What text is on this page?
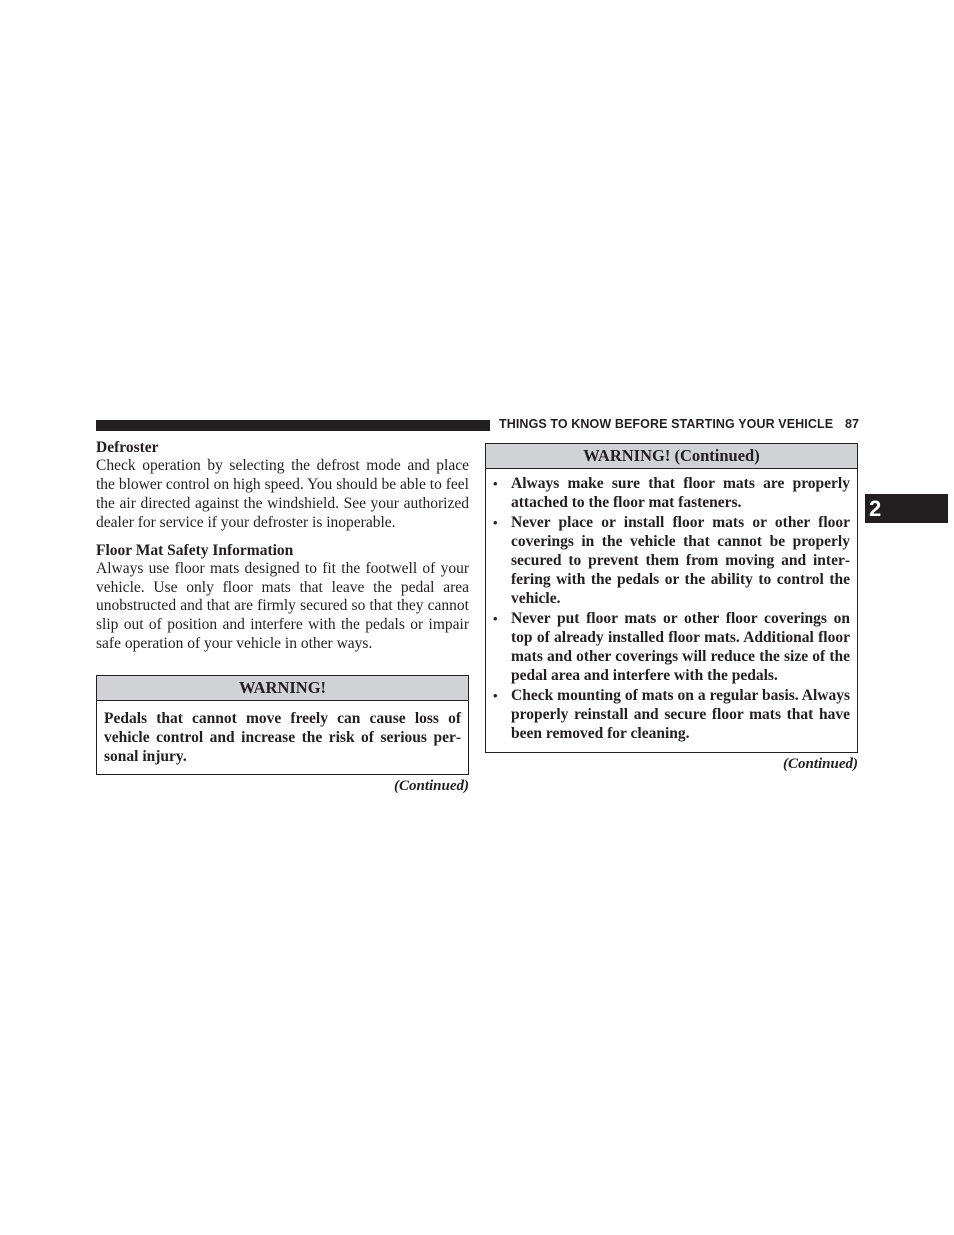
THINGS TO KNOW BEFORE STARTING YOUR VEHICLE 87
2

Defroster

Check operation by selecting the defrost mode and place the blower control on high speed. You should be able to feel the air directed against the windshield. See your authorized dealer for service if your defroster is inoperable.

Floor Mat Safety Information

Always use floor mats designed to fit the footwell of your vehicle. Use only floor mats that leave the pedal area unobstructed and that are firmly secured so that they cannot slip out of position and interfere with the pedals or impair safe operation of your vehicle in other ways.

WARNING!
Pedals that cannot move freely can cause loss of vehicle control and increase the risk of serious personal injury.
(Continued)
WARNING! (Continued)
• Always make sure that floor mats are properly attached to the floor mat fasteners.
• Never place or install floor mats or other floor coverings in the vehicle that cannot be properly secured to prevent them from moving and interfering with the pedals or the ability to control the vehicle.
• Never put floor mats or other floor coverings on top of already installed floor mats. Additional floor mats and other coverings will reduce the size of the pedal area and interfere with the pedals.
• Check mounting of mats on a regular basis. Always properly reinstall and secure floor mats that have been removed for cleaning.
(Continued)
